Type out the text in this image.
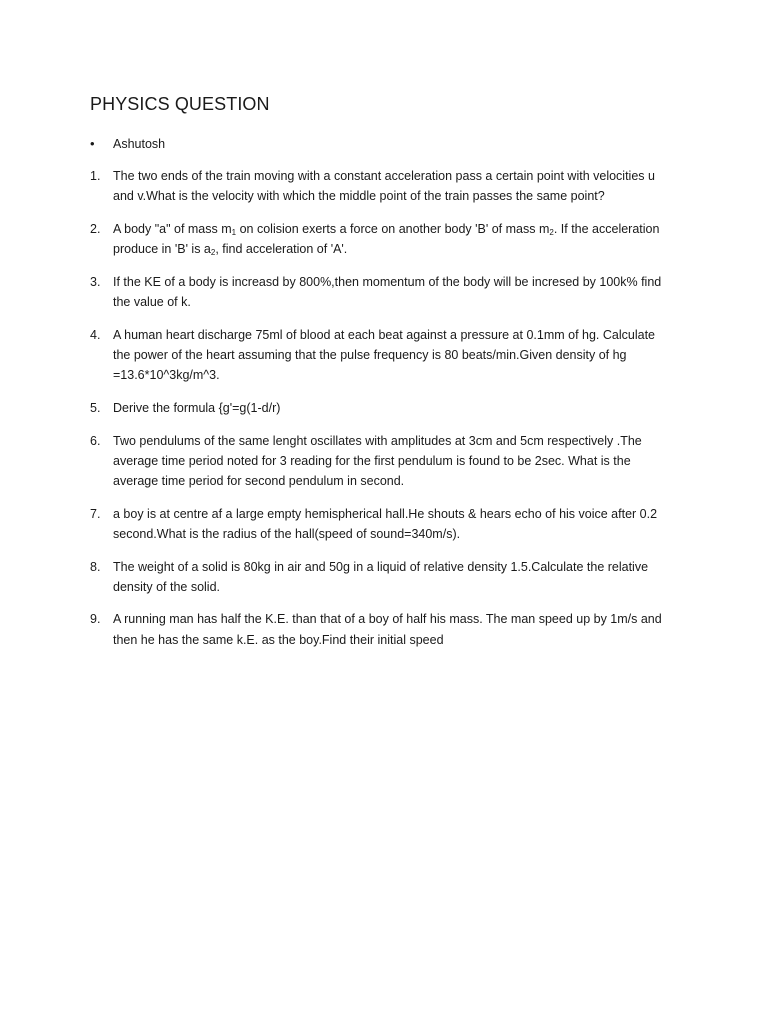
PHYSICS QUESTION
•	Ashutosh
1.	The two ends of the train moving with a constant acceleration pass a certain point with velocities u and v.What is the velocity with which the middle point of the train passes the same point?
2.	A body "a" of mass $m_1$ on colision exerts a force on another body 'B' of mass $m_2$. If the acceleration produce in 'B' is $a_2$, find acceleration of 'A'.
3.	If the KE of a body is increasd by 800%,then momentum of the body will be incresed by 100k% find the value of k.
4.	A human heart discharge 75ml of blood at each beat against a pressure at 0.1mm of hg. Calculate the power of the heart assuming that the pulse frequency is 80 beats/min.Given density of hg =13.6*10^3kg/m^3.
5.	Derive the formula {g'=g(1-d/r)
6.	Two pendulums of the same lenght oscillates with amplitudes at 3cm and 5cm respectively .The average time period noted for 3 reading for the first pendulum is found to be 2sec. What is the average time period for second pendulum in second.
7.	a boy is at centre af a large empty hemispherical hall.He shouts & hears echo of his voice after 0.2 second.What is the radius of the hall(speed of sound=340m/s).
8.	The weight of a solid is 80kg in air and 50g in a liquid of relative density 1.5.Calculate the relative density of the solid.
9.	A running man has half the K.E. than that of a boy of half his mass. The man speed up by 1m/s and then he has the same k.E. as the boy.Find their initial speed
